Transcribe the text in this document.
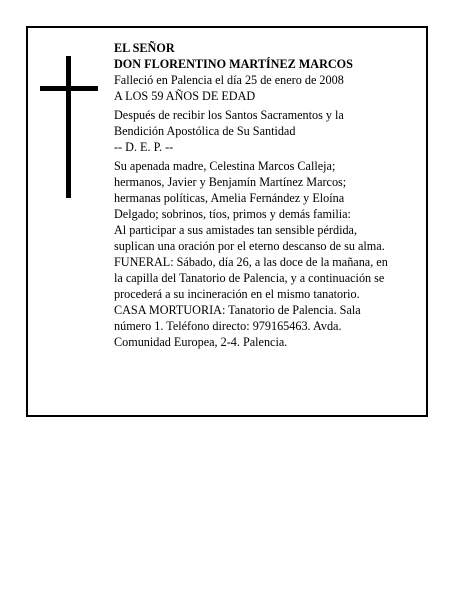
EL SEÑOR
DON FLORENTINO MARTÍNEZ MARCOS
Falleció en Palencia el día 25 de enero de 2008
A LOS 59 AÑOS DE EDAD
Después de recibir los Santos Sacramentos y la
Bendición Apostólica de Su Santidad
-- D. E. P. --
Su apenada madre, Celestina Marcos Calleja;
hermanos, Javier y Benjamín Martínez Marcos;
hermanas políticas, Amelia Fernández y Eloína
Delgado; sobrinos, tíos, primos y demás familia:
Al participar a sus amistades tan sensible pérdida,
suplican una oración por el eterno descanso de su alma.
FUNERAL: Sábado, día 26, a las doce de la mañana, en
la capilla del Tanatorio de Palencia, y a continuación se
procederá a su incineración en el mismo tanatorio.
CASA MORTUORIA: Tanatorio de Palencia. Sala
número 1. Teléfono directo: 979165463. Avda.
Comunidad Europea, 2-4. Palencia.
